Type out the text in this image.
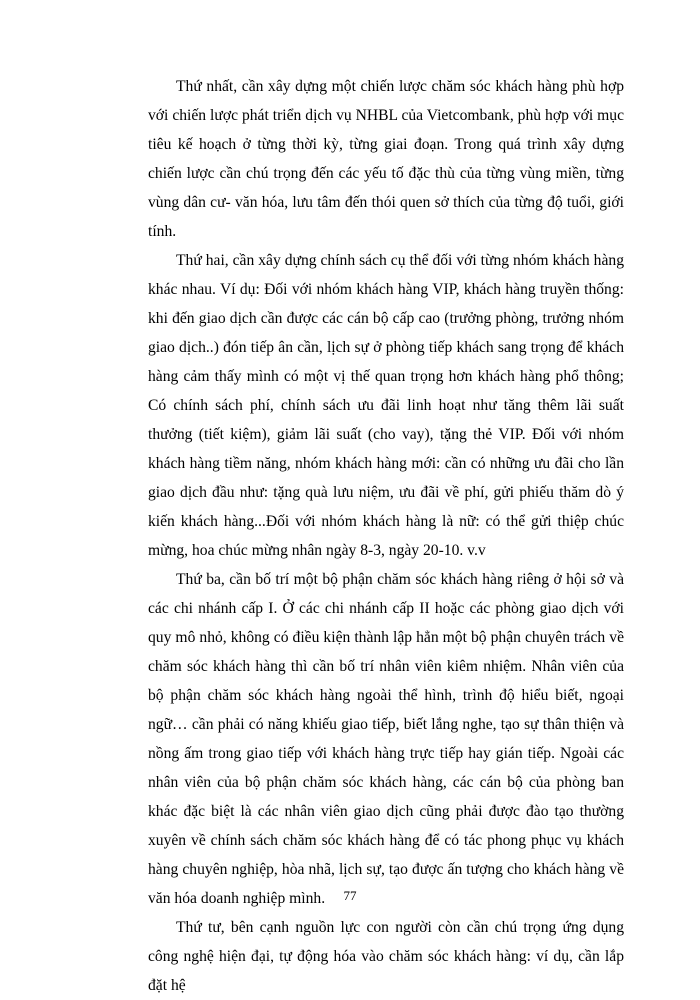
Thứ nhất, cần xây dựng một chiến lược chăm sóc khách hàng phù hợp với chiến lược phát triển dịch vụ NHBL của Vietcombank, phù hợp với mục tiêu kế hoạch ở từng thời kỳ, từng giai đoạn. Trong quá trình xây dựng chiến lược cần chú trọng đến các yếu tố đặc thù của từng vùng miền, từng vùng dân cư- văn hóa, lưu tâm đến thói quen sở thích của từng độ tuổi, giới tính.

Thứ hai, cần xây dựng chính sách cụ thể đối với từng nhóm khách hàng khác nhau. Ví dụ: Đối với nhóm khách hàng VIP, khách hàng truyền thống: khi đến giao dịch cần được các cán bộ cấp cao (trưởng phòng, trưởng nhóm giao dịch..) đón tiếp ân cần, lịch sự ở phòng tiếp khách sang trọng để khách hàng cảm thấy mình có một vị thế quan trọng hơn khách hàng phổ thông; Có chính sách phí, chính sách ưu đãi linh hoạt như tăng thêm lãi suất thưởng (tiết kiệm), giảm lãi suất (cho vay), tặng thẻ VIP. Đối với nhóm khách hàng tiềm năng, nhóm khách hàng mới: cần có những ưu đãi cho lần giao dịch đầu như: tặng quà lưu niệm, ưu đãi về phí, gửi phiếu thăm dò ý kiến khách hàng...Đối với nhóm khách hàng là nữ: có thể gửi thiệp chúc mừng, hoa chúc mừng nhân ngày 8-3, ngày 20-10. v.v

Thứ ba, cần bố trí một bộ phận chăm sóc khách hàng riêng ở hội sở và các chi nhánh cấp I. Ở các chi nhánh cấp II hoặc các phòng giao dịch với quy mô nhỏ, không có điều kiện thành lập hẳn một bộ phận chuyên trách về chăm sóc khách hàng thì cần bố trí nhân viên kiêm nhiệm. Nhân viên của bộ phận chăm sóc khách hàng ngoài thể hình, trình độ hiểu biết, ngoại ngữ… cần phải có năng khiếu giao tiếp, biết lắng nghe, tạo sự thân thiện và nồng ấm trong giao tiếp với khách hàng trực tiếp hay gián tiếp. Ngoài các nhân viên của bộ phận chăm sóc khách hàng, các cán bộ của phòng ban khác đặc biệt là các nhân viên giao dịch cũng phải được đào tạo thường xuyên về chính sách chăm sóc khách hàng để có tác phong phục vụ khách hàng chuyên nghiệp, hòa nhã, lịch sự, tạo được ấn tượng cho khách hàng về văn hóa doanh nghiệp mình.

Thứ tư, bên cạnh nguồn lực con người còn cần chú trọng ứng dụng công nghệ hiện đại, tự động hóa vào chăm sóc khách hàng: ví dụ, cần lắp đặt hệ

77
